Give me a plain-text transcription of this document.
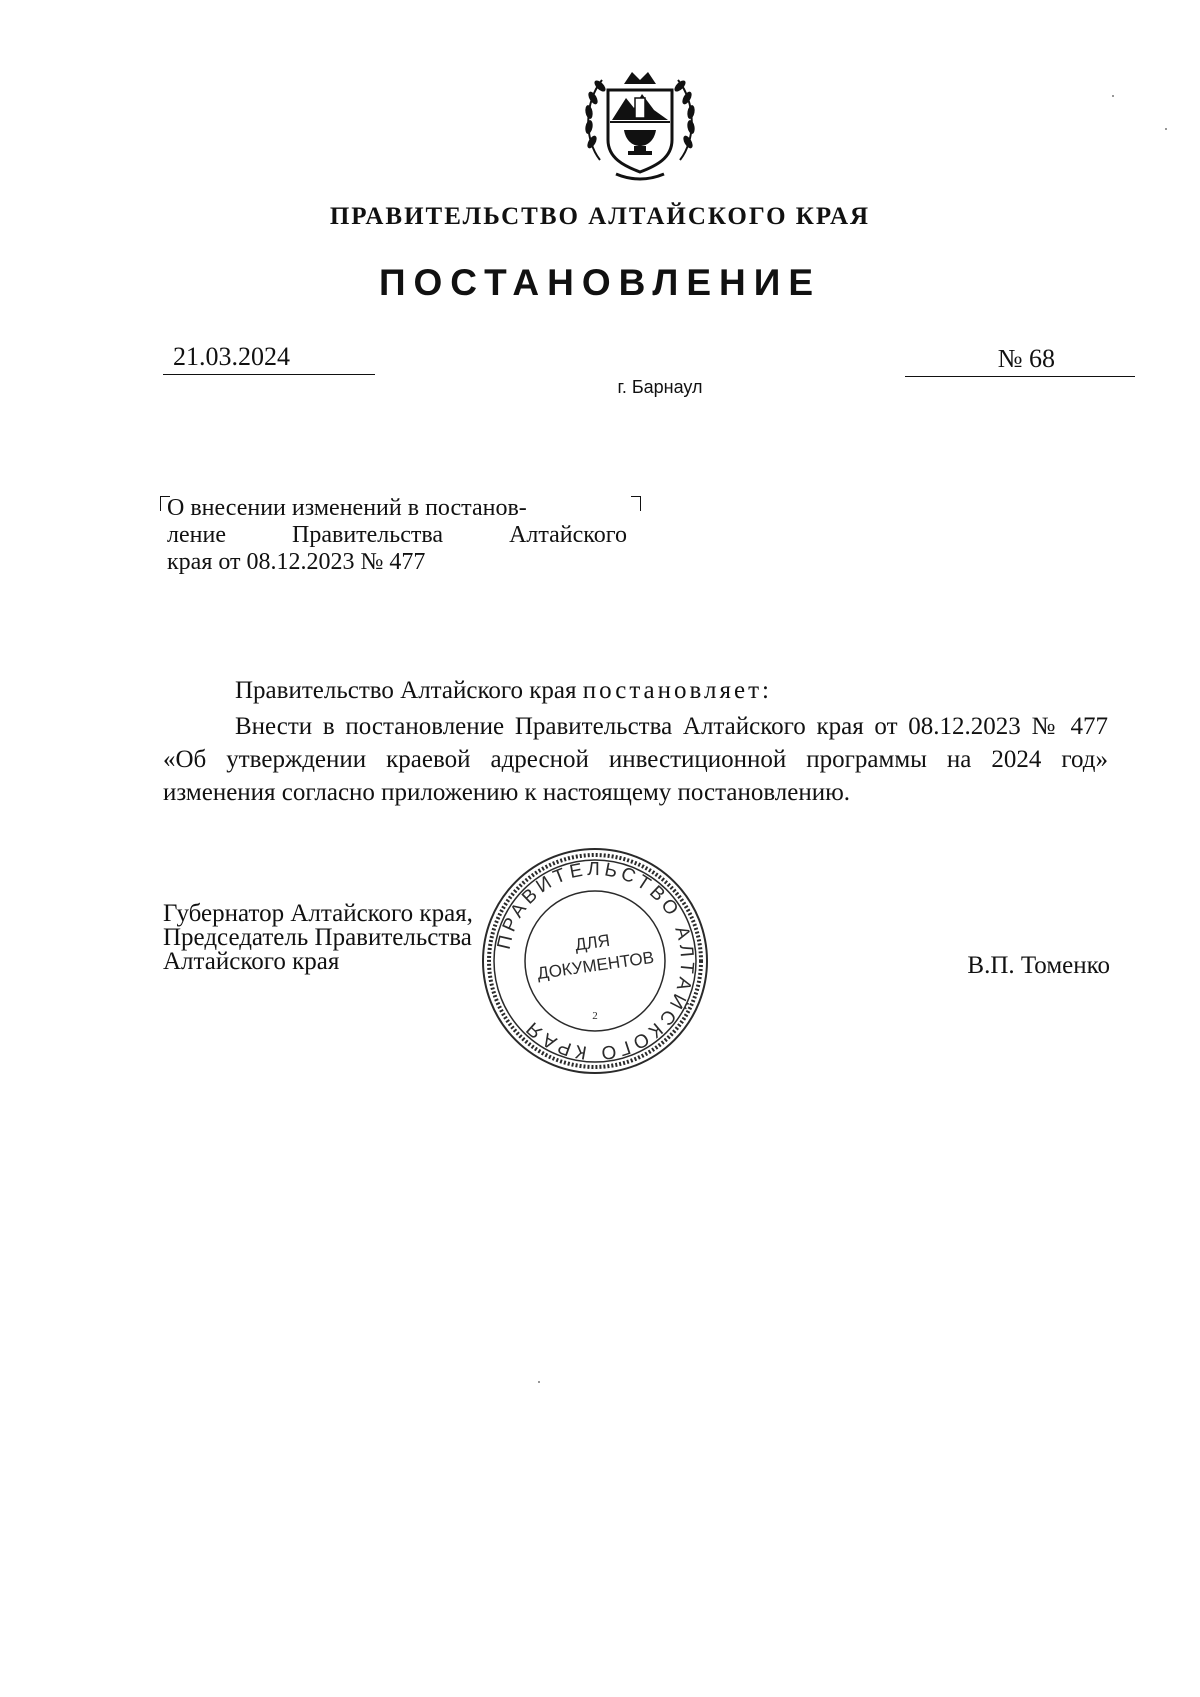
ПРАВИТЕЛЬСТВО АЛТАЙСКОГО КРАЯ
ПОСТАНОВЛЕНИЕ
21.03.2024	№ 68
г. Барнаул
О внесении изменений в постанов-
ление	Правительства	Алтайского
края от 08.12.2023 № 477
Правительство Алтайского края постановляет:
Внести в постановление Правительства Алтайского края от 08.12.2023 № 477 «Об утверждении краевой адресной инвестиционной программы на 2024 год» изменения согласно приложению к настоящему постановлению.
Губернатор Алтайского края,
Председатель Правительства
Алтайского края	В.П. Томенко
ПРАВИТЕЛЬСТВО АЛТАЙСКОГО КРАЯ
ДЛЯ
ДОКУМЕНТОВ
2
